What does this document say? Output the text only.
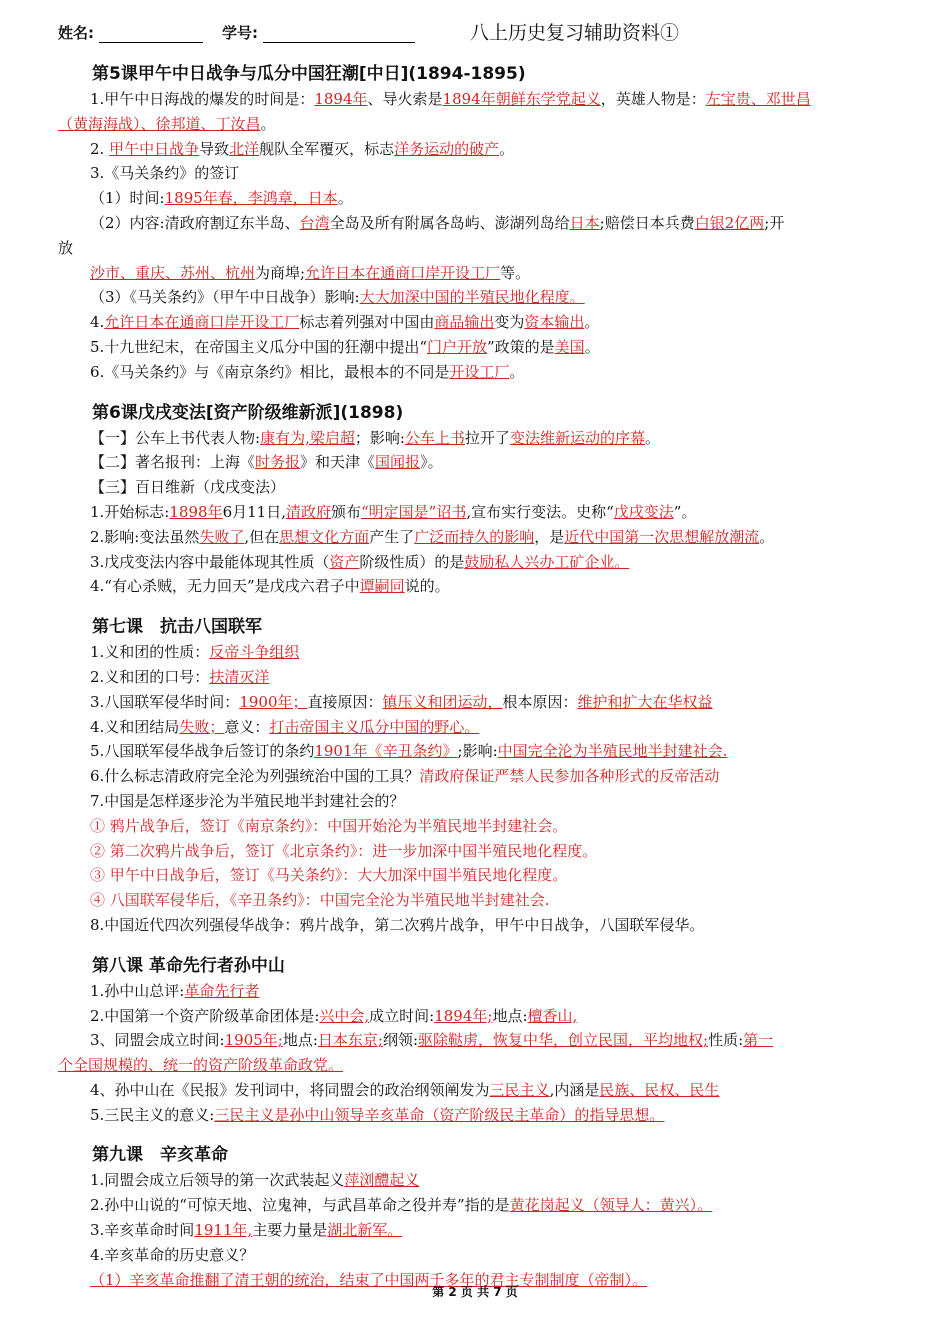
姓名:	学号:	八上历史复习辅助资料①
第5课甲午中日战争与瓜分中国狂潮[中日](1894-1895)
1.甲午中日海战的爆发的时间是：1894年、导火索是1894年朝鲜东学党起义，英雄人物是：左宝贵、邓世昌
（黄海海战）、徐邦道、丁汝昌。
2. 甲午中日战争导致北洋舰队全军覆灭，标志洋务运动的破产。
3.《马关条约》的签订
（1）时间:1895年春，李鸿章，日本。
（2）内容:清政府割辽东半岛、台湾全岛及所有附属各岛屿、澎湖列岛给日本;赔偿日本兵费白银2亿两;开
放
沙市、重庆、苏州、杭州为商埠;允许日本在通商口岸开设工厂等。
（3）《马关条约》（甲午中日战争）影响:大大加深中国的半殖民地化程度。
4.允许日本在通商口岸开设工厂标志着列强对中国由商品输出变为资本输出。
5.十九世纪末，在帝国主义瓜分中国的狂潮中提出“门户开放”政策的是美国。
6.《马关条约》与《南京条约》相比，最根本的不同是开设工厂。
第6课戊戌变法[资产阶级维新派](1898)
【一】公车上书代表人物:康有为,梁启超；影响:公车上书拉开了变法维新运动的序幕。
【二】著名报刊：上海《时务报》和天津《国闻报》。
【三】百日维新（戊戌变法）
1.开始标志:1898年6月11日,清政府颁布“明定国是”诏书,宣布实行变法。史称“戊戌变法”。
2.影响:变法虽然失败了,但在思想文化方面产生了广泛而持久的影响，是近代中国第一次思想解放潮流。
3.戊戌变法内容中最能体现其性质（资产阶级性质）的是鼓励私人兴办工矿企业。
4.“有心杀贼，无力回天”是戊戌六君子中谭嗣同说的。
第七课　抗击八国联军
1.义和团的性质：反帝斗争组织
2.义和团的口号：扶清灭洋
3.八国联军侵华时间：1900年；直接原因：镇压义和团运动，根本原因：维护和扩大在华权益
4.义和团结局失败；意义：打击帝国主义瓜分中国的野心。
5.八国联军侵华战争后签订的条约1901年《辛丑条约》;影响:中国完全沦为半殖民地半封建社会.
6.什么标志清政府完全沦为列强统治中国的工具？清政府保证严禁人民参加各种形式的反帝活动
7.中国是怎样逐步沦为半殖民地半封建社会的？
① 鸦片战争后，签订《南京条约》：中国开始沦为半殖民地半封建社会。
② 第二次鸦片战争后，签订《北京条约》：进一步加深中国半殖民地化程度。
③ 甲午中日战争后，签订《马关条约》：大大加深中国半殖民地化程度。
④ 八国联军侵华后，《辛丑条约》：中国完全沦为半殖民地半封建社会.
8.中国近代四次列强侵华战争：鸦片战争，第二次鸦片战争，甲午中日战争，八国联军侵华。
第八课 革命先行者孙中山
1.孙中山总评:革命先行者
2.中国第一个资产阶级革命团体是:兴中会,成立时间:1894年;地点:檀香山,
3、同盟会成立时间:1905年;地点:日本东京;纲领:驱除鞑虏，恢复中华，创立民国，平均地权;性质:第一
个全国规模的、统一的资产阶级革命政党。
4、孙中山在《民报》发刊词中，将同盟会的政治纲领阐发为三民主义,内涵是民族、民权、民生
5.三民主义的意义:三民主义是孙中山领导辛亥革命（资产阶级民主革命）的指导思想。
第九课　辛亥革命
1.同盟会成立后领导的第一次武装起义萍浏醴起义
2.孙中山说的“可惊天地、泣鬼神，与武昌革命之役并寿”指的是黄花岗起义（领导人：黄兴）。
3.辛亥革命时间1911年,主要力量是湖北新军。
4.辛亥革命的历史意义？
（1）辛亥革命推翻了清王朝的统治，结束了中国两千多年的君主专制制度（帝制）。
第 2 页 共 7 页
